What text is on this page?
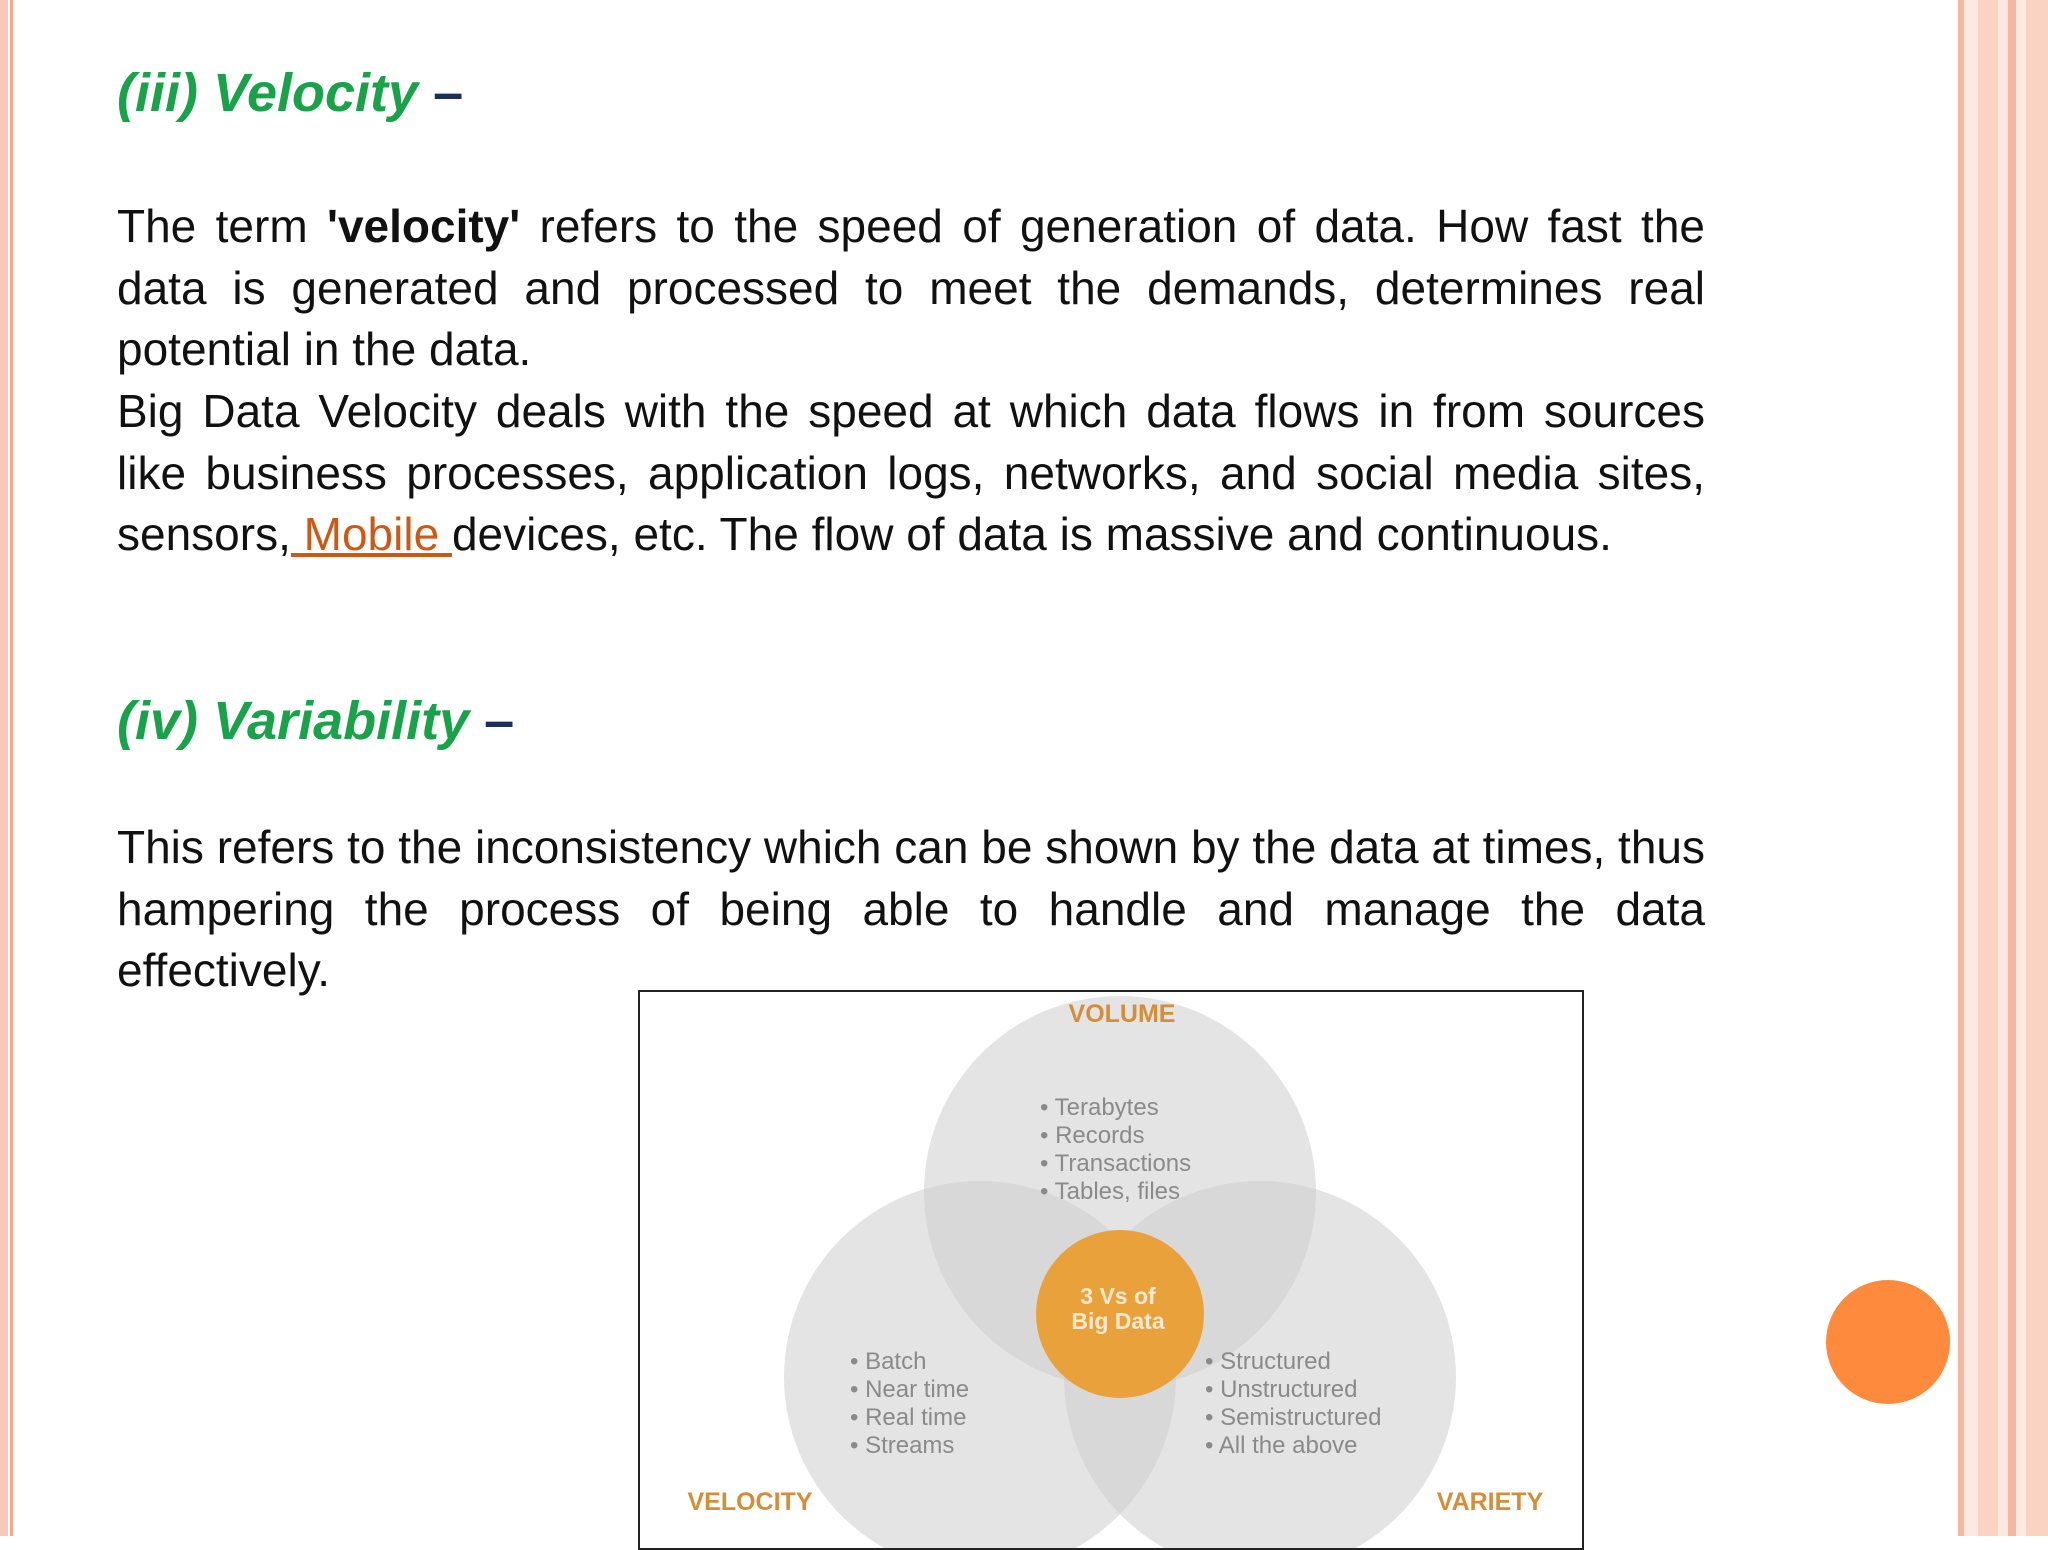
(iii) Velocity –

The term 'velocity' refers to the speed of generation of data. How fast the data is generated and processed to meet the demands, determines real potential in the data.

Big Data Velocity deals with the speed at which data flows in from sources like business processes, application logs, networks, and social media sites, sensors, Mobile devices, etc. The flow of data is massive and continuous.

(iv) Variability –

This refers to the inconsistency which can be shown by the data at times, thus hampering the process of being able to handle and manage the data effectively.

VOLUME
VELOCITY	VARIETY
3 Vs of
Big Data
• Terabytes
• Records
• Transactions
• Tables, files
• Batch
• Near time
• Real time
• Streams
• Structured
• Unstructured
• Semistructured
• All the above
